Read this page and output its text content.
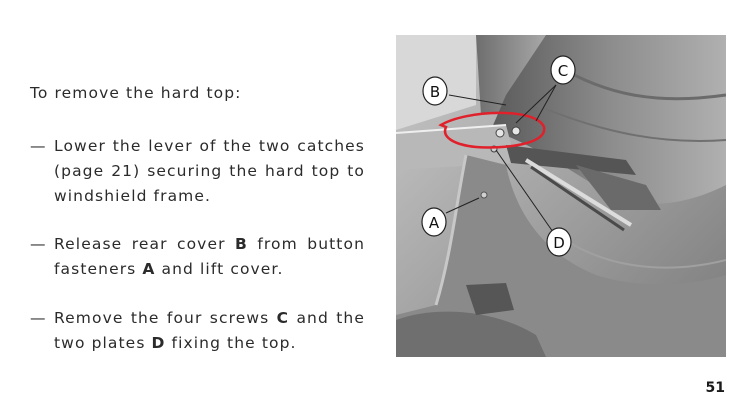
To remove the hard top:
— Lower the lever of the two catches (page 21) securing the hard top to windshield frame.
— Release rear cover B from button fasteners A and lift cover.
— Remove the four screws C and the two plates D fixing the top.
B
C
A
D
51
